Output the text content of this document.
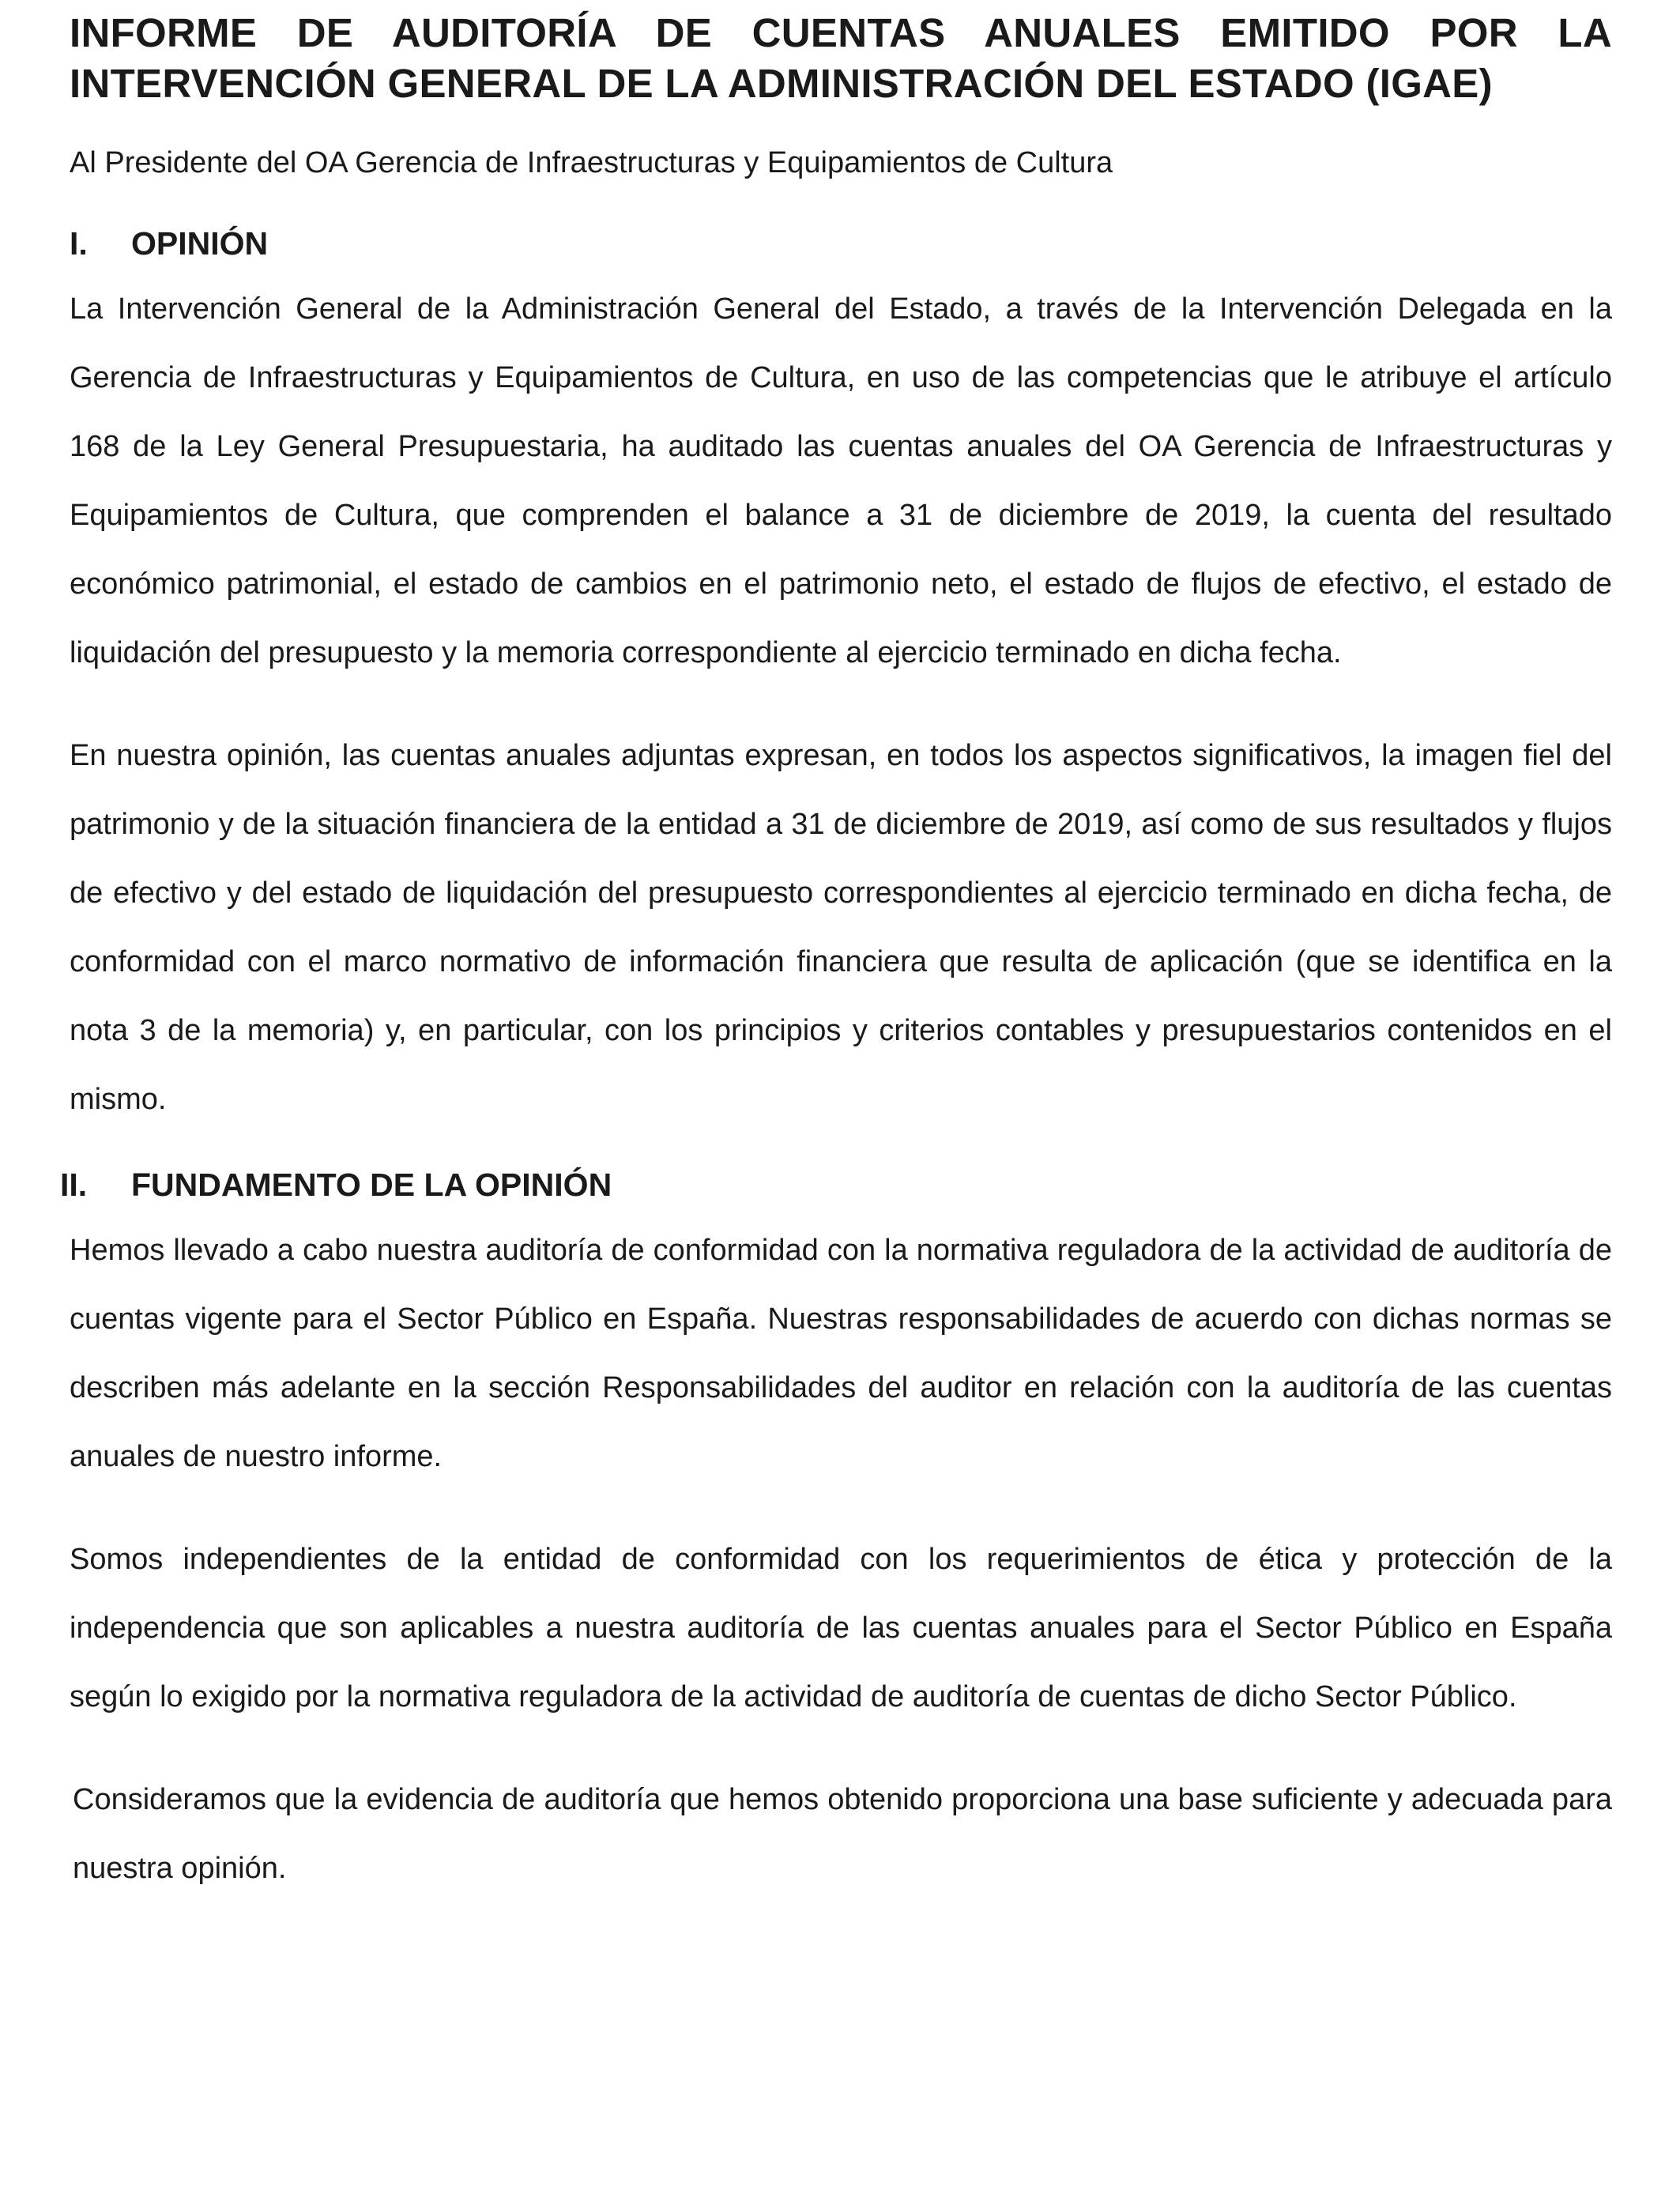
INFORME DE AUDITORÍA DE CUENTAS ANUALES EMITIDO POR LA INTERVENCIÓN GENERAL DE LA ADMINISTRACIÓN DEL ESTADO (IGAE)

Al Presidente del OA Gerencia de Infraestructuras y Equipamientos de Cultura

I.	OPINIÓN

La Intervención General de la Administración General del Estado, a través de la Intervención Delegada en la Gerencia de Infraestructuras y Equipamientos de Cultura, en uso de las competencias que le atribuye el artículo 168 de la Ley General Presupuestaria, ha auditado las cuentas anuales del OA Gerencia de Infraestructuras y Equipamientos de Cultura, que comprenden el balance a 31 de diciembre de 2019, la cuenta del resultado económico patrimonial, el estado de cambios en el patrimonio neto, el estado de flujos de efectivo, el estado de liquidación del presupuesto y la memoria correspondiente al ejercicio terminado en dicha fecha.

En nuestra opinión, las cuentas anuales adjuntas expresan, en todos los aspectos significativos, la imagen fiel del patrimonio y de la situación financiera de la entidad a 31 de diciembre de 2019, así como de sus resultados y flujos de efectivo y del estado de liquidación del presupuesto correspondientes al ejercicio terminado en dicha fecha, de conformidad con el marco normativo de información financiera que resulta de aplicación (que se identifica en la nota 3 de la memoria) y, en particular, con los principios y criterios contables y presupuestarios contenidos en el mismo.

II.	FUNDAMENTO DE LA OPINIÓN

Hemos llevado a cabo nuestra auditoría de conformidad con la normativa reguladora de la actividad de auditoría de cuentas vigente para el Sector Público en España. Nuestras responsabilidades de acuerdo con dichas normas se describen más adelante en la sección Responsabilidades del auditor en relación con la auditoría de las cuentas anuales de nuestro informe.

Somos independientes de la entidad de conformidad con los requerimientos de ética y protección de la independencia que son aplicables a nuestra auditoría de las cuentas anuales para el Sector Público en España según lo exigido por la normativa reguladora de la actividad de auditoría de cuentas de dicho Sector Público.

Consideramos que la evidencia de auditoría que hemos obtenido proporciona una base suficiente y adecuada para nuestra opinión.
